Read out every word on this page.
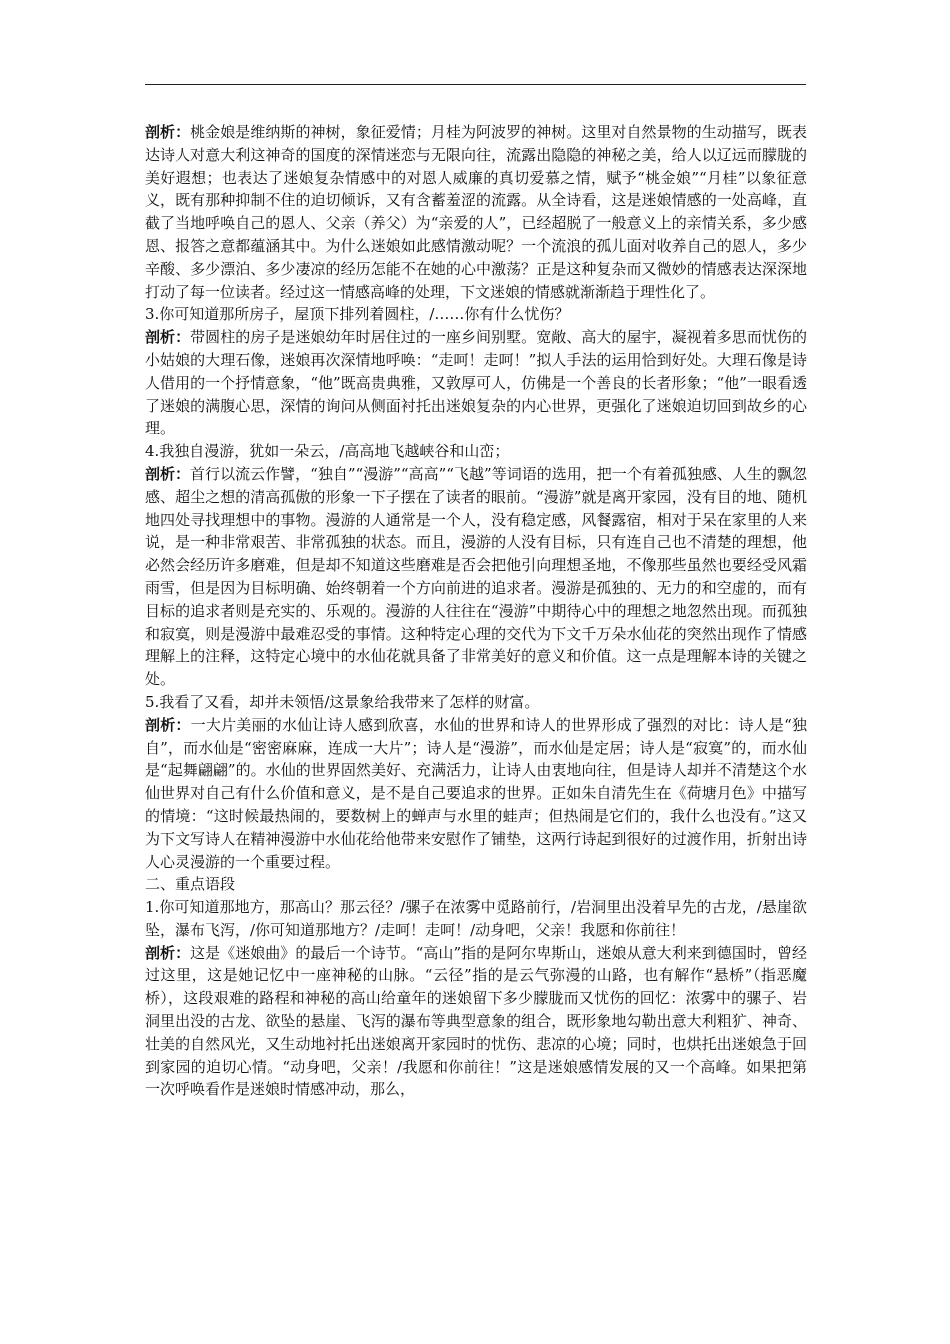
剖析：桃金娘是维纳斯的神树，象征爱情；月桂为阿波罗的神树。这里对自然景物的生动描写，既表达诗人对意大利这神奇的国度的深情迷恋与无限向往，流露出隐隐的神秘之美，给人以辽远而朦胧的美好遐想；也表达了迷娘复杂情感中的对恩人威廉的真切爱慕之情，赋予“桃金娘”“月桂”以象征意义，既有那种抑制不住的迫切倾诉，又有含蓄羞涩的流露。从全诗看，这是迷娘情感的一处高峰，直截了当地呼唤自己的恩人、父亲（养父）为“亲爱的人”，已经超脱了一般意义上的亲情关系，多少感恩、报答之意都蕴涵其中。为什么迷娘如此感情激动呢？一个流浪的孤儿面对收养自己的恩人，多少辛酸、多少漂泊、多少凄凉的经历怎能不在她的心中激荡？正是这种复杂而又微妙的情感表达深深地打动了每一位读者。经过这一情感高峰的处理，下文迷娘的情感就渐渐趋于理性化了。

3.你可知道那所房子，屋顶下排列着圆柱，/……你有什么忧伤？

剖析：带圆柱的房子是迷娘幼年时居住过的一座乡间别墅。宽敞、高大的屋宇，凝视着多思而忧伤的小姑娘的大理石像，迷娘再次深情地呼唤：“走呵！走呵！”拟人手法的运用恰到好处。大理石像是诗人借用的一个抒情意象，“他”既高贵典雅，又敦厚可人，仿佛是一个善良的长者形象；“他”一眼看透了迷娘的满腹心思，深情的询问从侧面衬托出迷娘复杂的内心世界，更强化了迷娘迫切回到故乡的心理。

4.我独自漫游，犹如一朵云，/高高地飞越峡谷和山峦；

剖析：首行以流云作譬，“独自”“漫游”“高高”“飞越”等词语的选用，把一个有着孤独感、人生的飘忽感、超尘之想的清高孤傲的形象一下子摆在了读者的眼前。“漫游”就是离开家园，没有目的地、随机地四处寻找理想中的事物。漫游的人通常是一个人，没有稳定感，风餐露宿，相对于呆在家里的人来说，是一种非常艰苦、非常孤独的状态。而且，漫游的人没有目标，只有连自己也不清楚的理想，他必然会经历许多磨难，但是却不知道这些磨难是否会把他引向理想圣地，不像那些虽然也要经受风霜雨雪，但是因为目标明确、始终朝着一个方向前进的追求者。漫游是孤独的、无力的和空虚的，而有目标的追求者则是充实的、乐观的。漫游的人往往在“漫游”中期待心中的理想之地忽然出现。而孤独和寂寞，则是漫游中最难忍受的事情。这种特定心理的交代为下文千万朵水仙花的突然出现作了情感理解上的注释，这特定心境中的水仙花就具备了非常美好的意义和价值。这一点是理解本诗的关键之处。

5.我看了又看，却并未领悟/这景象给我带来了怎样的财富。

剖析：一大片美丽的水仙让诗人感到欣喜，水仙的世界和诗人的世界形成了强烈的对比：诗人是“独自”，而水仙是“密密麻麻，连成一大片”；诗人是“漫游”，而水仙是定居；诗人是“寂寞”的，而水仙是“起舞翩翩”的。水仙的世界固然美好、充满活力，让诗人由衷地向往，但是诗人却并不清楚这个水仙世界对自己有什么价值和意义，是不是自己要追求的世界。正如朱自清先生在《荷塘月色》中描写的情境：“这时候最热闹的，要数树上的蝉声与水里的蛙声；但热闹是它们的，我什么也没有。”这又为下文写诗人在精神漫游中水仙花给他带来安慰作了铺垫，这两行诗起到很好的过渡作用，折射出诗人心灵漫游的一个重要过程。

二、重点语段

1.你可知道那地方，那高山？那云径？/骡子在浓雾中觅路前行，/岩洞里出没着早先的古龙，/悬崖欲坠，瀑布飞泻，/你可知道那地方？/走呵！走呵！/动身吧，父亲！我愿和你前往！

剖析：这是《迷娘曲》的最后一个诗节。“高山”指的是阿尔卑斯山，迷娘从意大利来到德国时，曾经过这里，这是她记忆中一座神秘的山脉。“云径”指的是云气弥漫的山路，也有解作“悬桥”（指恶魔桥），这段艰难的路程和神秘的高山给童年的迷娘留下多少朦胧而又忧伤的回忆：浓雾中的骡子、岩洞里出没的古龙、欲坠的悬崖、飞泻的瀑布等典型意象的组合，既形象地勾勒出意大利粗犷、神奇、壮美的自然风光，又生动地衬托出迷娘离开家园时的忧伤、悲凉的心境；同时，也烘托出迷娘急于回到家园的迫切心情。“动身吧，父亲！/我愿和你前往！”这是迷娘感情发展的又一个高峰。如果把第一次呼唤看作是迷娘时情感冲动，那么，
